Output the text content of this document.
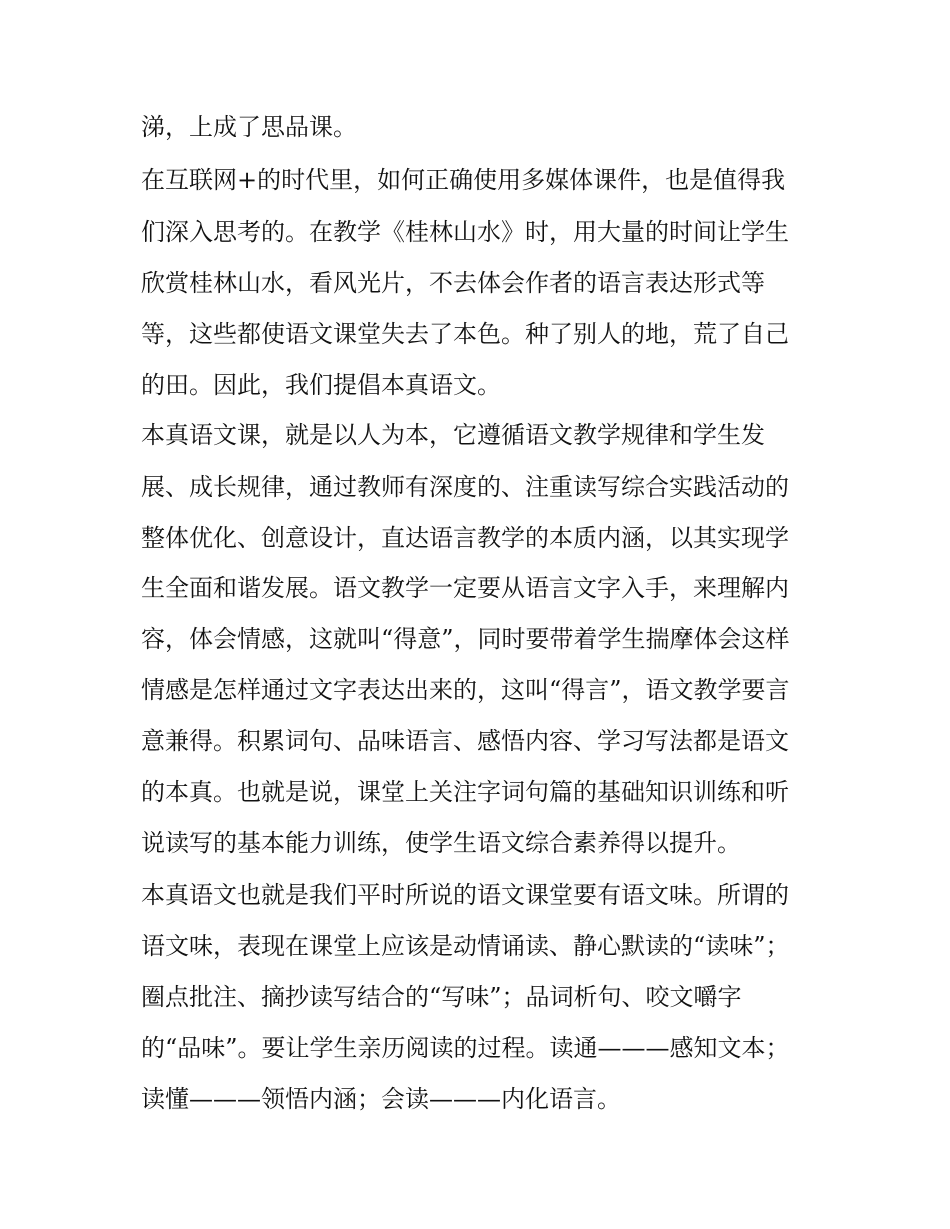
涕，上成了思品课。
在互联网+的时代里，如何正确使用多媒体课件，也是值得我
们深入思考的。在教学《桂林山水》时，用大量的时间让学生
欣赏桂林山水，看风光片，不去体会作者的语言表达形式等
等，这些都使语文课堂失去了本色。种了别人的地，荒了自己
的田。因此，我们提倡本真语文。
本真语文课，就是以人为本，它遵循语文教学规律和学生发
展、成长规律，通过教师有深度的、注重读写综合实践活动的
整体优化、创意设计，直达语言教学的本质内涵，以其实现学
生全面和谐发展。语文教学一定要从语言文字入手，来理解内
容，体会情感，这就叫“得意”，同时要带着学生揣摩体会这样
情感是怎样通过文字表达出来的，这叫“得言”，语文教学要言
意兼得。积累词句、品味语言、感悟内容、学习写法都是语文
的本真。也就是说，课堂上关注字词句篇的基础知识训练和听
说读写的基本能力训练，使学生语文综合素养得以提升。
本真语文也就是我们平时所说的语文课堂要有语文味。所谓的
语文味，表现在课堂上应该是动情诵读、静心默读的“读味”；
圈点批注、摘抄读写结合的“写味”；品词析句、咬文嚼字
的“品味”。要让学生亲历阅读的过程。读通———感知文本；
读懂———领悟内涵；会读———内化语言。
